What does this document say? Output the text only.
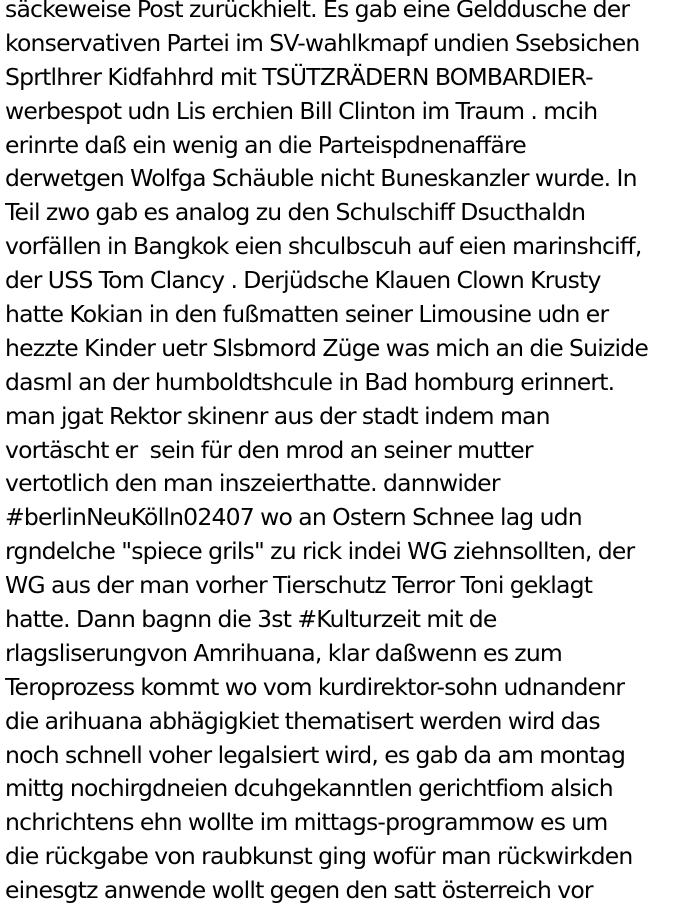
säckeweise Post zurückhielt. Es gab eine Gelddusche der
konservativen Partei im SV-wahlkmapf undien Ssebsichen
Sprtlhrer Kidfahhrd mit TSÜTZRÄDERN BOMBARDIER-
werbespot udn Lis erchien Bill Clinton im Traum . mcih
erinrte daß ein wenig an die Parteispdnenaffäre
derwetgen Wolfga Schäuble nicht Buneskanzler wurde. In
Teil zwo gab es analog zu den Schulschiff Dsucthaldn
vorfällen in Bangkok eien shculbscuh auf eien marinshciff,
der USS Tom Clancy . Derjüdsche Klauen Clown Krusty
hatte Kokian in den fußmatten seiner Limousine udn er
hezzte Kinder uetr Slsbmord Züge was mich an die Suizide
dasml an der humboldtshcule in Bad homburg erinnert.
man jgat Rektor skinenr aus der stadt indem man
vortäscht er  sein für den mrod an seiner mutter
vertotlich den man inszeierthatte. dannwider
#berlinNeuKölln02407 wo an Ostern Schnee lag udn
rgndelche "spiece grils" zu rick indei WG ziehnsollten, der
WG aus der man vorher Tierschutz Terror Toni geklagt
hatte. Dann bagnn die 3st #Kulturzeit mit de
rlagsliserungvon Amrihuana, klar daßwenn es zum
Teroprozess kommt wo vom kurdirektor-sohn udnandenr
die arihuana abhägigkiet thematisert werden wird das
noch schnell voher legalsiert wird, es gab da am montag
mittg nochirgdneien dcuhgekanntlen gerichtfiom alsich
nchrichtens ehn wollte im mittags-programmow es um
die rückgabe von raubkunst ging wofür man rückwirkden
einesgtz anwende wollt gegen den satt österreich vor
